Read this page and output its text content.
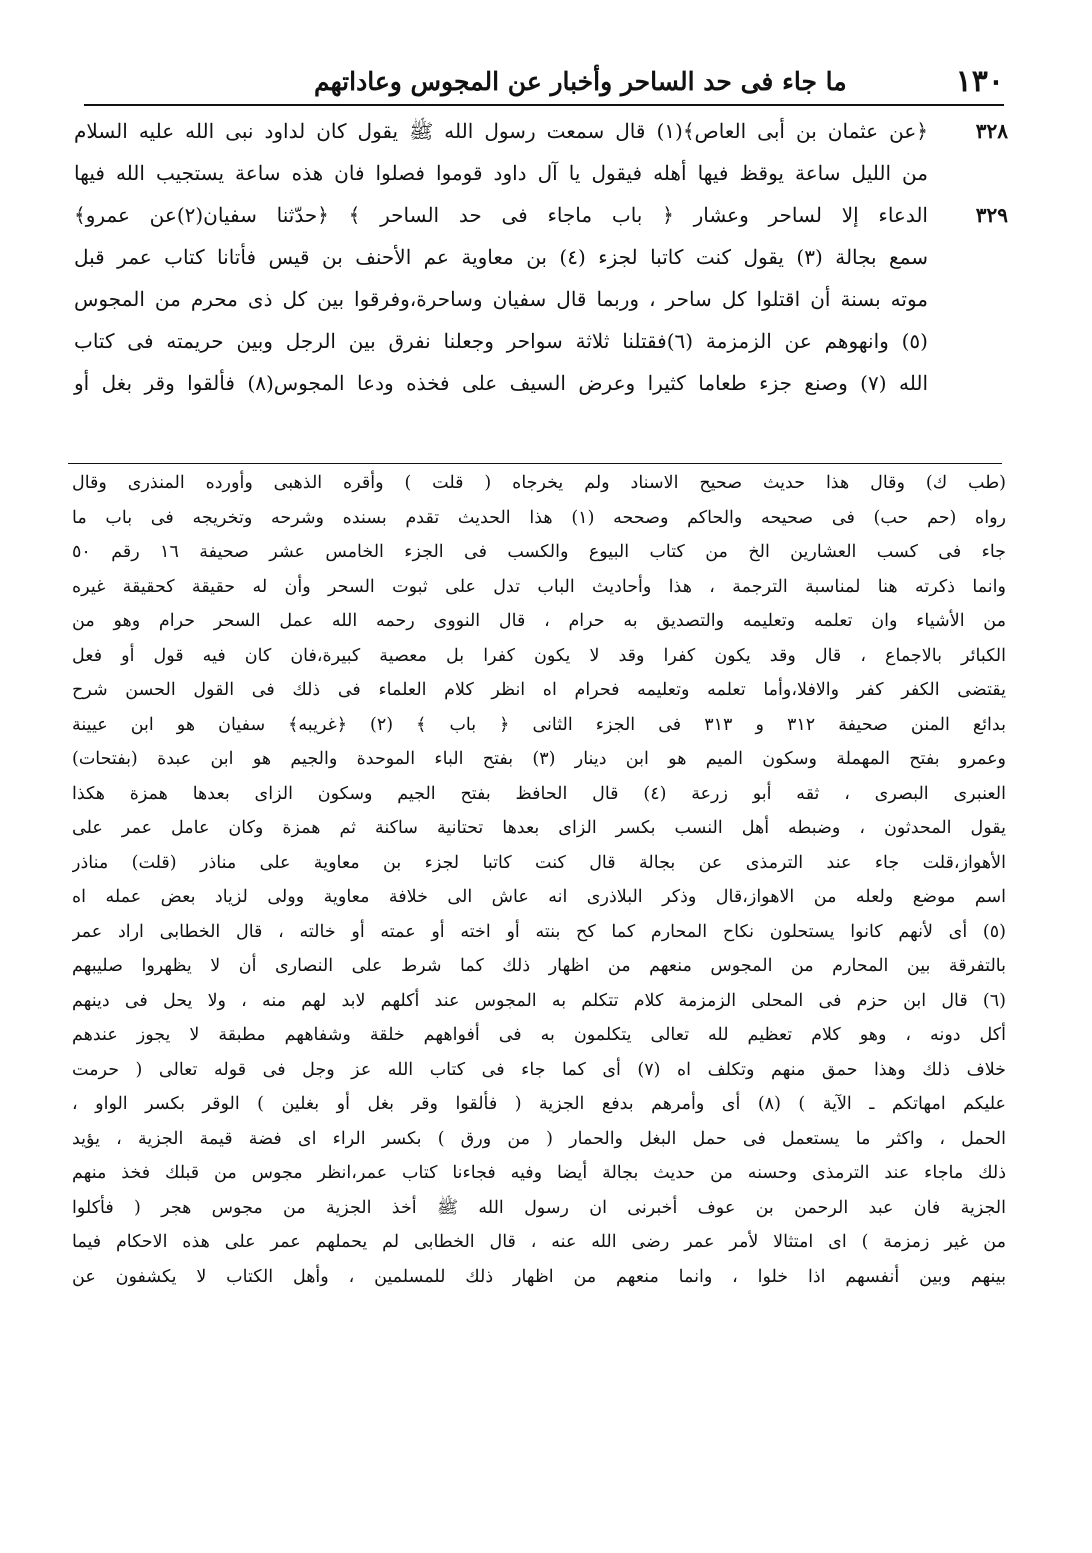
١٣٠
ما جاء فى حد الساحر وأخبار عن المجوس وعاداتهم
٣٢٨
﴿عن عثمان بن أبى العاص﴾(١) قال سمعت رسول الله ﷺ يقول كان لداود نبى الله عليه السلام
من الليل ساعة يوقظ فيها أهله فيقول يا آل داود قوموا فصلوا فان هذه ساعة يستجيب الله فيها
٣٢٩
الدعاء إلا لساحر وعشار ﴿ باب ماجاء فى حد الساحر ﴾ ﴿حدّثنا سفيان(٢)عن عمرو﴾
سمع بجالة (٣) يقول كنت كاتبا لجزء (٤) بن معاوية عم الأحنف بن قيس فأتانا كتاب عمر قبل
موته بسنة أن اقتلوا كل ساحر ، وربما قال سفيان وساحرة،وفرقوا بين كل ذى محرم من المجوس
(٥) وانهوهم عن الزمزمة (٦)فقتلنا ثلاثة سواحر وجعلنا نفرق بين الرجل وبين حريمته فى كتاب
الله (٧) وصنع جزء طعاما كثيرا وعرض السيف على فخذه ودعا المجوس(٨) فألقوا وقر بغل أو
(طب ك) وقال هذا حديث صحيح الاسناد ولم يخرجاه ( قلت ) وأقره الذهبى وأورده المنذرى وقال
رواه (حم حب) فى صحيحه والحاكم وصححه (١) هذا الحديث تقدم بسنده وشرحه وتخريجه فى باب ما
جاء فى كسب العشارين الخ من كتاب البيوع والكسب فى الجزء الخامس عشر صحيفة ١٦ رقم ٥٠
وانما ذكرته هنا لمناسبة الترجمة ، هذا وأحاديث الباب تدل على ثبوت السحر وأن له حقيقة كحقيقة غيره
من الأشياء وان تعلمه وتعليمه والتصديق به حرام ، قال النووى رحمه الله عمل السحر حرام وهو من
الكبائر بالاجماع ، قال وقد يكون كفرا وقد لا يكون كفرا بل معصية كبيرة،فان كان فيه قول أو فعل
يقتضى الكفر كفر والافلا،وأما تعلمه وتعليمه فحرام اه انظر كلام العلماء فى ذلك فى القول الحسن شرح
بدائع المنن صحيفة ٣١٢ و ٣١٣ فى الجزء الثانى ﴿ باب ﴾ (٢) ﴿غريبه﴾ سفيان هو ابن عيينة
وعمرو بفتح المهملة وسكون الميم هو ابن دينار (٣) بفتح الباء الموحدة والجيم هو ابن عبدة (بفتحات)
العنبرى البصرى ، ثقه أبو زرعة (٤) قال الحافظ بفتح الجيم وسكون الزاى بعدها همزة هكذا
يقول المحدثون ، وضبطه أهل النسب بكسر الزاى بعدها تحتانية ساكنة ثم همزة وكان عامل عمر على
الأهواز،قلت جاء عند الترمذى عن بجالة قال كنت كاتبا لجزء بن معاوية على مناذر (قلت) مناذر
اسم موضع ولعله من الاهواز،قال وذكر البلاذرى انه عاش الى خلافة معاوية وولى لزياد بعض عمله اه
(٥) أى لأنهم كانوا يستحلون نكاح المحارم كما كح بنته أو اخته أو عمته أو خالته ، قال الخطابى اراد عمر
بالتفرقة بين المحارم من المجوس منعهم من اظهار ذلك كما شرط على النصارى أن لا يظهروا صليبهم
(٦) قال ابن حزم فى المحلى الزمزمة كلام تتكلم به المجوس عند أكلهم لابد لهم منه ، ولا يحل فى دينهم
أكل دونه ، وهو كلام تعظيم لله تعالى يتكلمون به فى أفواههم خلقة وشفاههم مطبقة لا يجوز عندهم
خلاف ذلك وهذا حمق منهم وتكلف اه (٧) أى كما جاء فى كتاب الله عز وجل فى قوله تعالى ( حرمت
عليكم امهاتكم ـ الآية ) (٨) أى وأمرهم بدفع الجزية ( فألقوا وقر بغل أو بغلين ) الوقر بكسر الواو ،
الحمل ، واكثر ما يستعمل فى حمل البغل والحمار ( من ورق ) بكسر الراء اى فضة قيمة الجزية ، يؤيد
ذلك ماجاء عند الترمذى وحسنه من حديث بجالة أيضا وفيه فجاءنا كتاب عمر،انظر مجوس من قبلك فخذ منهم
الجزية فان عبد الرحمن بن عوف أخبرنى ان رسول الله ﷺ أخذ الجزية من مجوس هجر ( فأكلوا
من غير زمزمة ) اى امتثالا لأمر عمر رضى الله عنه ، قال الخطابى لم يحملهم عمر على هذه الاحكام فيما
بينهم وبين أنفسهم اذا خلوا ، وانما منعهم من اظهار ذلك للمسلمين ، وأهل الكتاب لا يكشفون عن
